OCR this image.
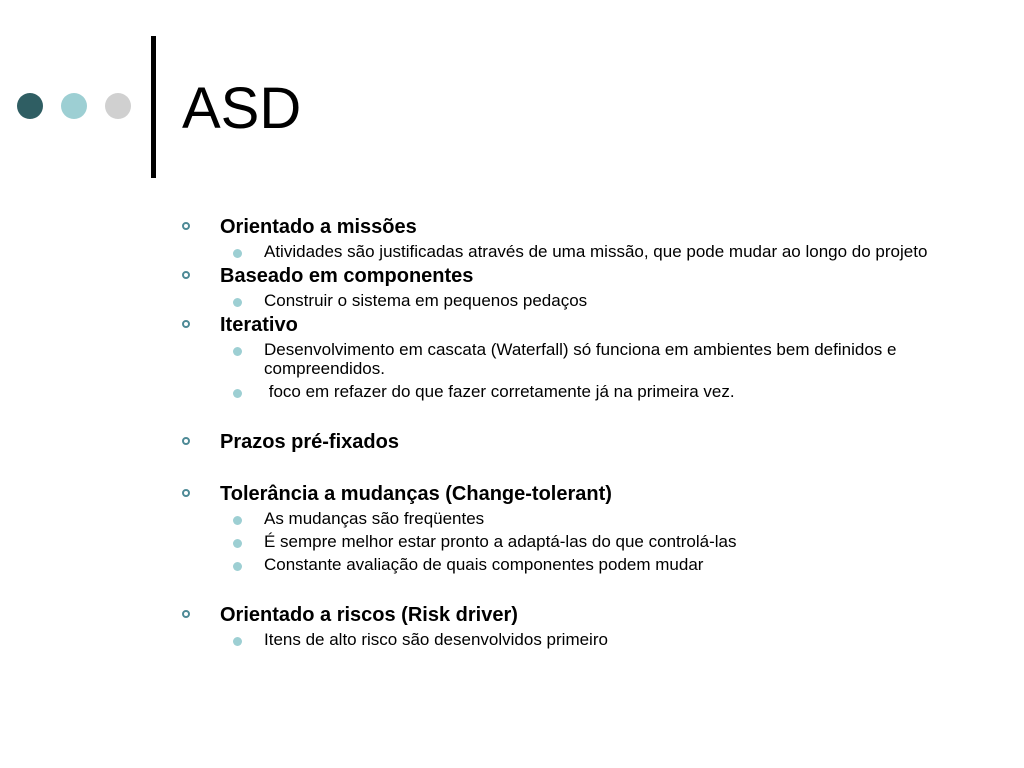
ASD
Orientado a missões
Atividades são justificadas através de uma missão, que pode mudar ao longo do projeto
Baseado em componentes
Construir o sistema em pequenos pedaços
Iterativo
Desenvolvimento em cascata (Waterfall) só funciona em ambientes bem definidos e compreendidos.
foco em refazer do que fazer corretamente já na primeira vez.
Prazos pré-fixados
Tolerância a mudanças (Change-tolerant)
As mudanças são freqüentes
É sempre melhor estar pronto a adaptá-las do que controlá-las
Constante avaliação de quais componentes podem mudar
Orientado a riscos (Risk driver)
Itens de alto risco são desenvolvidos primeiro
